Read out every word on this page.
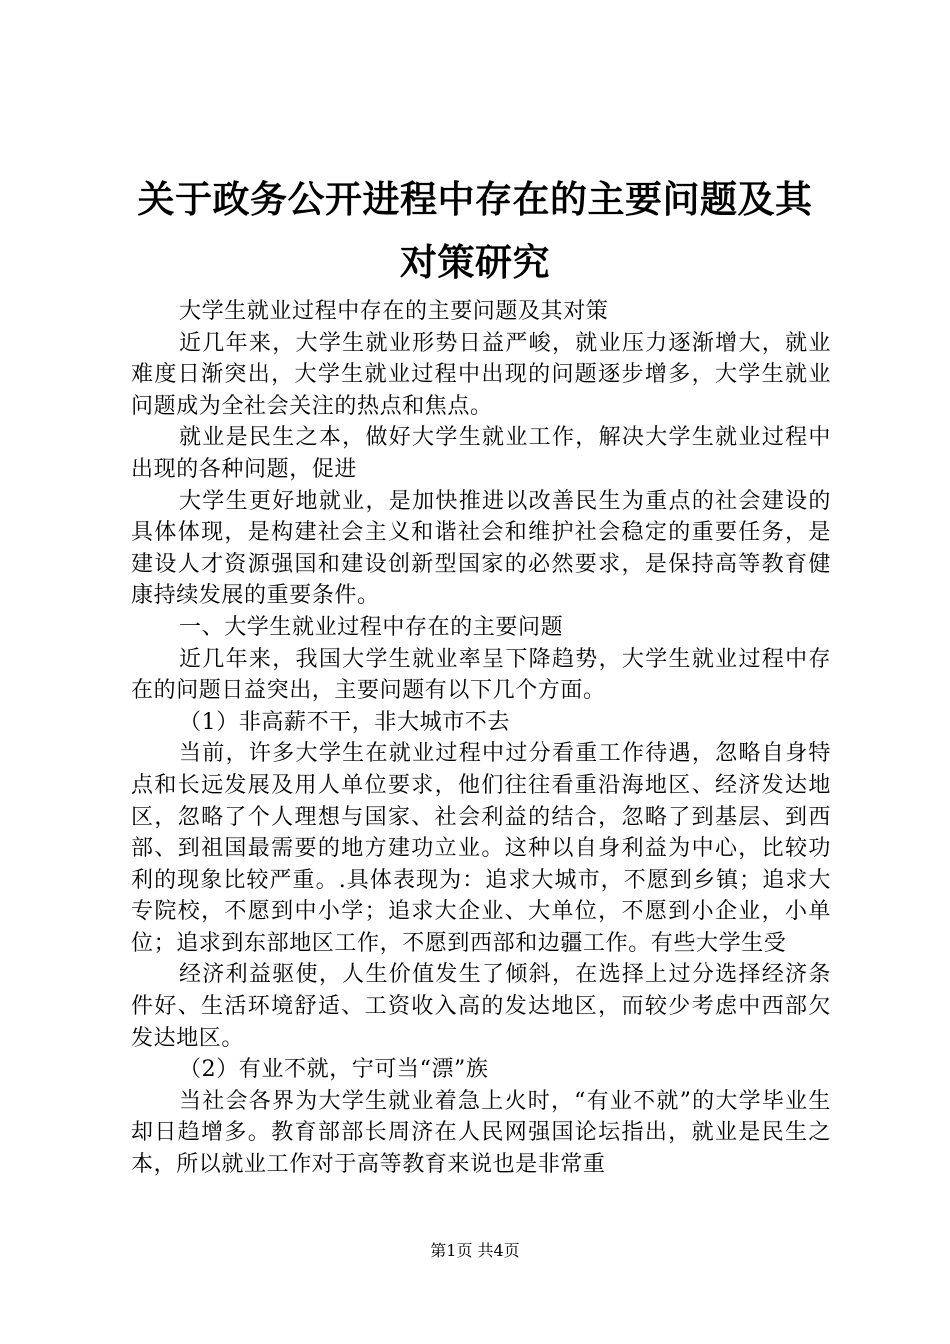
关于政务公开进程中存在的主要问题及其对策研究

大学生就业过程中存在的主要问题及其对策

近几年来，大学生就业形势日益严峻，就业压力逐渐增大，就业难度日渐突出，大学生就业过程中出现的问题逐步增多，大学生就业问题成为全社会关注的热点和焦点。

就业是民生之本，做好大学生就业工作，解决大学生就业过程中出现的各种问题，促进

大学生更好地就业，是加快推进以改善民生为重点的社会建设的具体体现，是构建社会主义和谐社会和维护社会稳定的重要任务，是建设人才资源强国和建设创新型国家的必然要求，是保持高等教育健康持续发展的重要条件。

一、大学生就业过程中存在的主要问题

近几年来，我国大学生就业率呈下降趋势，大学生就业过程中存在的问题日益突出，主要问题有以下几个方面。

（1）非高薪不干，非大城市不去

当前，许多大学生在就业过程中过分看重工作待遇，忽略自身特点和长远发展及用人单位要求，他们往往看重沿海地区、经济发达地区，忽略了个人理想与国家、社会利益的结合，忽略了到基层、到西部、到祖国最需要的地方建功立业。这种以自身利益为中心，比较功利的现象比较严重。.具体表现为：追求大城市，不愿到乡镇；追求大专院校，不愿到中小学；追求大企业、大单位，不愿到小企业，小单位；追求到东部地区工作，不愿到西部和边疆工作。有些大学生受

经济利益驱使，人生价值发生了倾斜，在选择上过分选择经济条件好、生活环境舒适、工资收入高的发达地区，而较少考虑中西部欠发达地区。

（2）有业不就，宁可当“漂”族

当社会各界为大学生就业着急上火时，“有业不就”的大学毕业生却日趋增多。教育部部长周济在人民网强国论坛指出，就业是民生之本，所以就业工作对于高等教育来说也是非常重

第1页 共4页
